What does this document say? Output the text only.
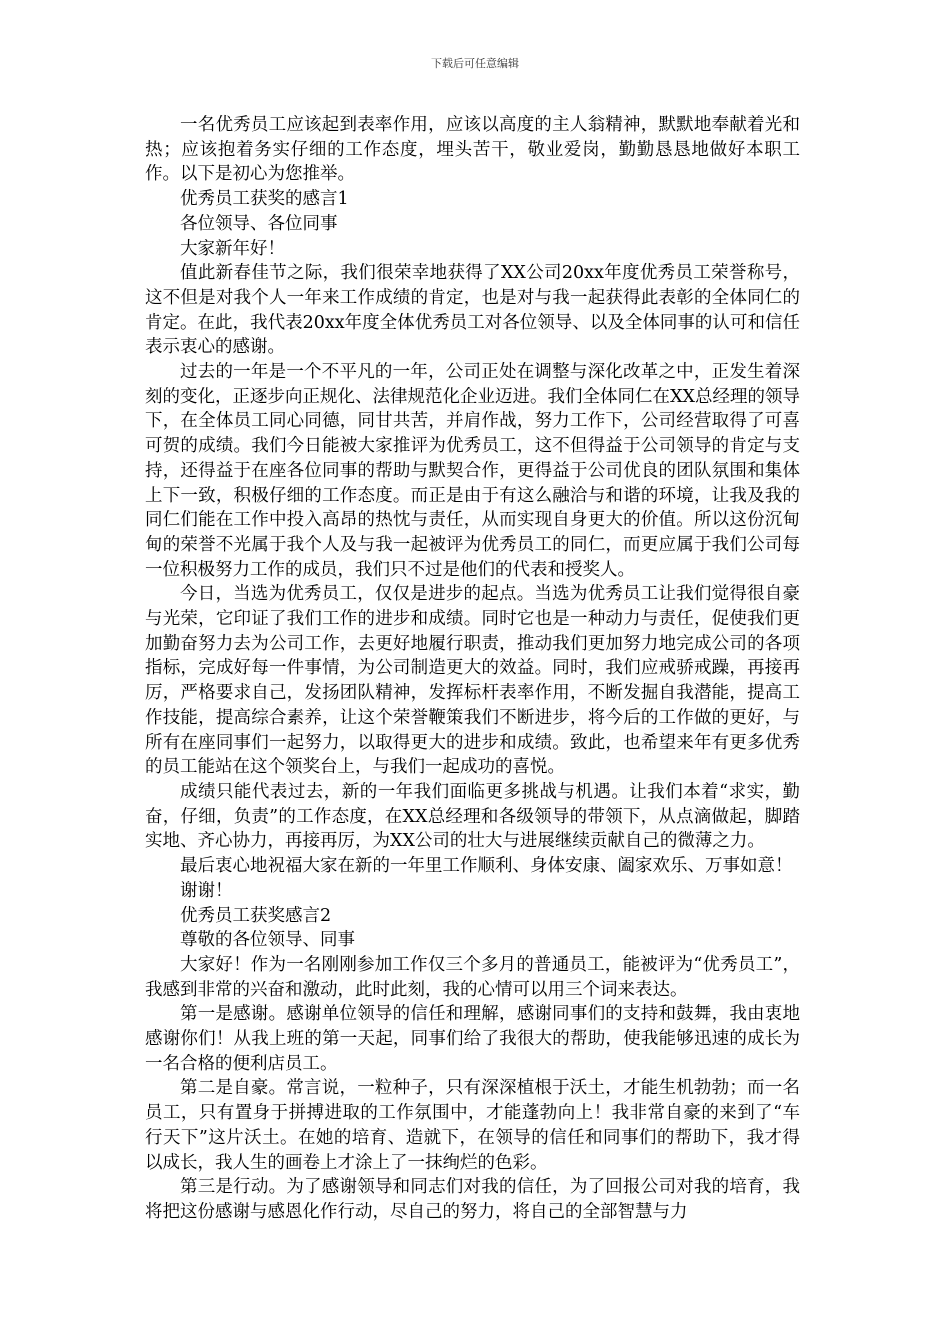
下载后可任意编辑

一名优秀员工应该起到表率作用，应该以高度的主人翁精神，默默地奉献着光和热；应该抱着务实仔细的工作态度，埋头苦干，敬业爱岗，勤勤恳恳地做好本职工作。以下是初心为您推举。

优秀员工获奖的感言1

各位领导、各位同事

大家新年好！

值此新春佳节之际，我们很荣幸地获得了XX公司20xx年度优秀员工荣誉称号，这不但是对我个人一年来工作成绩的肯定，也是对与我一起获得此表彰的全体同仁的肯定。在此，我代表20xx年度全体优秀员工对各位领导、以及全体同事的认可和信任表示衷心的感谢。

过去的一年是一个不平凡的一年，公司正处在调整与深化改革之中，正发生着深刻的变化，正逐步向正规化、法律规范化企业迈进。我们全体同仁在XX总经理的领导下，在全体员工同心同德，同甘共苦，并肩作战，努力工作下，公司经营取得了可喜可贺的成绩。我们今日能被大家推评为优秀员工，这不但得益于公司领导的肯定与支持，还得益于在座各位同事的帮助与默契合作，更得益于公司优良的团队氛围和集体上下一致，积极仔细的工作态度。而正是由于有这么融洽与和谐的环境，让我及我的同仁们能在工作中投入高昂的热忱与责任，从而实现自身更大的价值。所以这份沉甸甸的荣誉不光属于我个人及与我一起被评为优秀员工的同仁，而更应属于我们公司每一位积极努力工作的成员，我们只不过是他们的代表和授奖人。

今日，当选为优秀员工，仅仅是进步的起点。当选为优秀员工让我们觉得很自豪与光荣，它印证了我们工作的进步和成绩。同时它也是一种动力与责任，促使我们更加勤奋努力去为公司工作，去更好地履行职责，推动我们更加努力地完成公司的各项指标，完成好每一件事情，为公司制造更大的效益。同时，我们应戒骄戒躁，再接再厉，严格要求自己，发扬团队精神，发挥标杆表率作用，不断发掘自我潜能，提高工作技能，提高综合素养，让这个荣誉鞭策我们不断进步，将今后的工作做的更好，与所有在座同事们一起努力，以取得更大的进步和成绩。致此，也希望来年有更多优秀的员工能站在这个领奖台上，与我们一起成功的喜悦。

成绩只能代表过去，新的一年我们面临更多挑战与机遇。让我们本着“求实，勤奋，仔细，负责”的工作态度，在XX总经理和各级领导的带领下，从点滴做起，脚踏实地、齐心协力，再接再厉，为XX公司的壮大与进展继续贡献自己的微薄之力。

最后衷心地祝福大家在新的一年里工作顺利、身体安康、阖家欢乐、万事如意！

谢谢！

优秀员工获奖感言2

尊敬的各位领导、同事

大家好！作为一名刚刚参加工作仅三个多月的普通员工，能被评为“优秀员工”，我感到非常的兴奋和激动，此时此刻，我的心情可以用三个词来表达。

第一是感谢。感谢单位领导的信任和理解，感谢同事们的支持和鼓舞，我由衷地感谢你们！从我上班的第一天起，同事们给了我很大的帮助，使我能够迅速的成长为一名合格的便利店员工。

第二是自豪。常言说，一粒种子，只有深深植根于沃土，才能生机勃勃；而一名员工，只有置身于拼搏进取的工作氛围中，才能蓬勃向上！我非常自豪的来到了“车行天下”这片沃土。在她的培育、造就下，在领导的信任和同事们的帮助下，我才得以成长，我人生的画卷上才涂上了一抹绚烂的色彩。

第三是行动。为了感谢领导和同志们对我的信任，为了回报公司对我的培育，我将把这份感谢与感恩化作行动，尽自己的努力，将自己的全部智慧与力
